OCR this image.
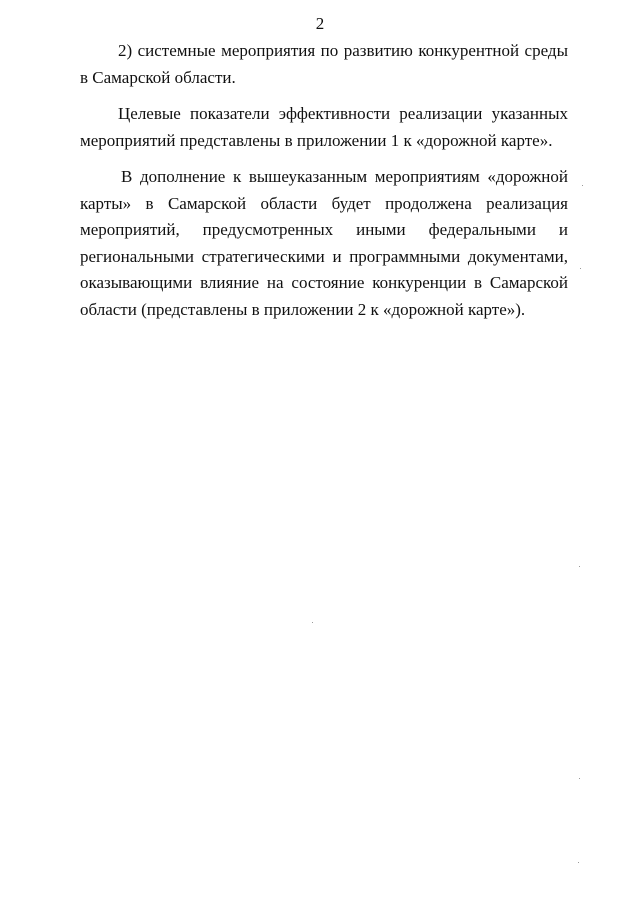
2

2) системные мероприятия по развитию конкурентной среды в Самарской области.

Целевые показатели эффективности реализации указанных мероприятий представлены в приложении 1 к «дорожной карте».

В дополнение к вышеуказанным мероприятиям «дорожной карты» в Самарской области будет продолжена реализация мероприятий, предусмотренных иными федеральными и региональными стратегическими и программными документами, оказывающими влияние на состояние конкуренции в Самарской области (представлены в приложении 2 к «дорожной карте»).
